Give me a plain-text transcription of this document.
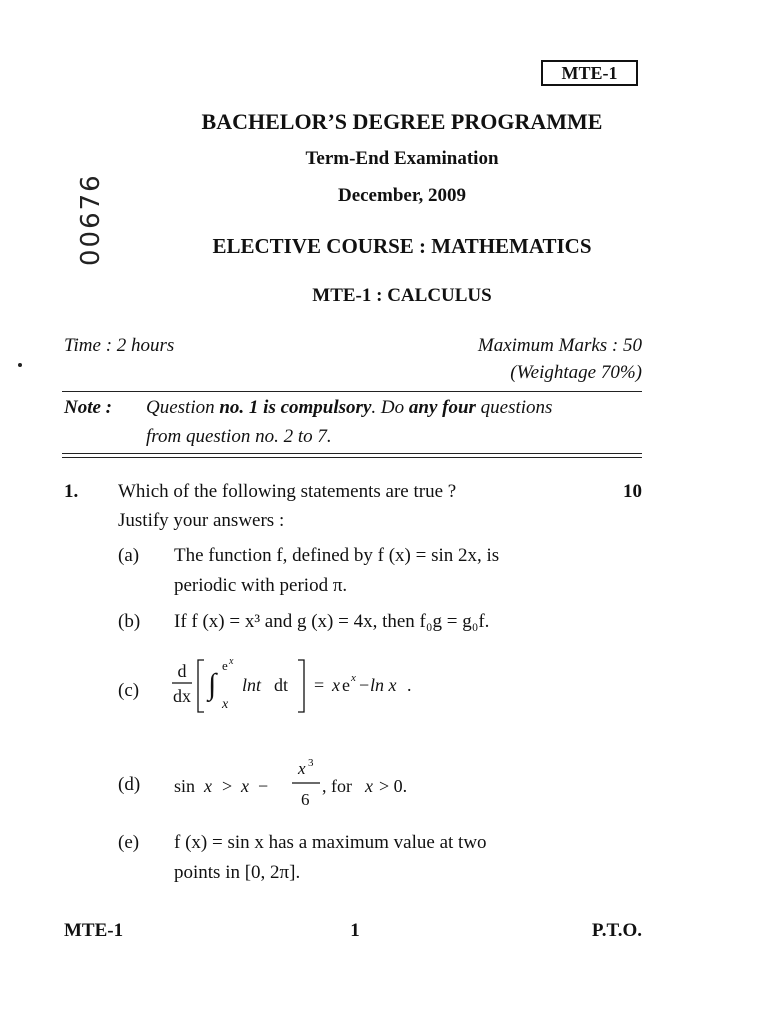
MTE-1
BACHELOR’S DEGREE PROGRAMME
Term-End Examination
December, 2009
ELECTIVE COURSE : MATHEMATICS
MTE-1 : CALCULUS
00676
Time : 2 hours	Maximum Marks : 50
(Weightage 70%)
Note : Question no. 1 is compulsory. Do any four questions
from question no. 2 to 7.
1. Which of the following statements are true ?	10
Justify your answers :
(a) The function f, defined by f (x) = sin 2x, is
periodic with period π.
(b) If f (x) = x³ and g (x) = 4x, then f₀g = g₀f.
(c)
d
dx ∫
e x
x
lnt dt = x e x − ln x .
(d) sin x > x −
x 3
6
, for x > 0.
(e) f (x) = sin x has a maximum value at two
points in [0, 2π].
MTE-1	1	P.T.O.
